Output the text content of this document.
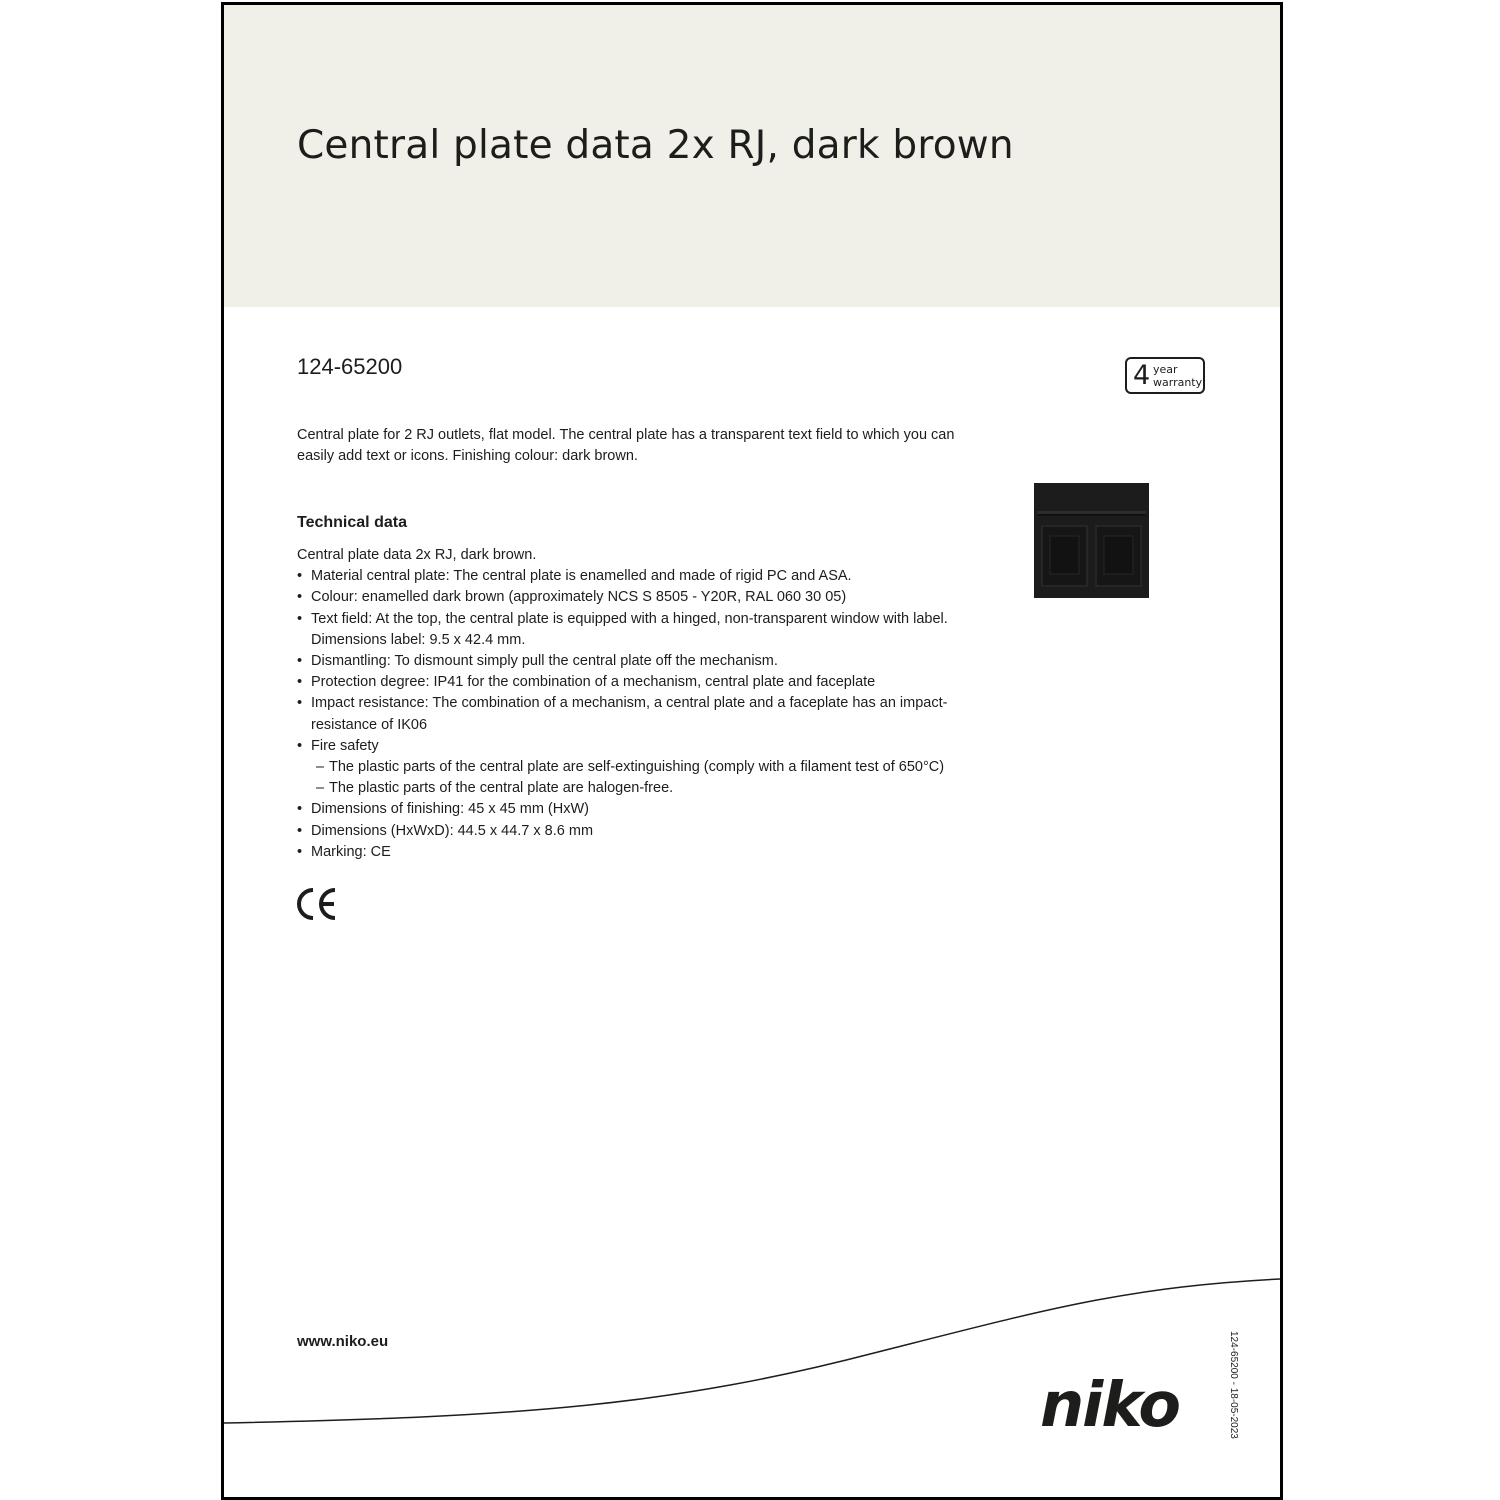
Central plate data 2x RJ, dark brown
124-65200	4 year
warranty

Central plate for 2 RJ outlets, flat model. The central plate has a transparent text field to which you can easily add text or icons. Finishing colour: dark brown.

Technical data

Central plate data 2x RJ, dark brown.

• Material central plate: The central plate is enamelled and made of rigid PC and ASA.
• Colour: enamelled dark brown (approximately NCS S 8505 - Y20R, RAL 060 30 05)
• Text field: At the top, the central plate is equipped with a hinged, non-transparent window with label. Dimensions label: 9.5 x 42.4 mm.
• Dismantling: To dismount simply pull the central plate off the mechanism.
• Protection degree: IP41 for the combination of a mechanism, central plate and faceplate
• Impact resistance: The combination of a mechanism, a central plate and a faceplate has an impact-resistance of IK06
• Fire safety
– The plastic parts of the central plate are self-extinguishing (comply with a filament test of 650°C)
– The plastic parts of the central plate are halogen-free.
• Dimensions of finishing: 45 x 45 mm (HxW)
• Dimensions (HxWxD): 44.5 x 44.7 x 8.6 mm
• Marking: CE
www.niko.eu
niko	124-65200 - 18-05-2023
